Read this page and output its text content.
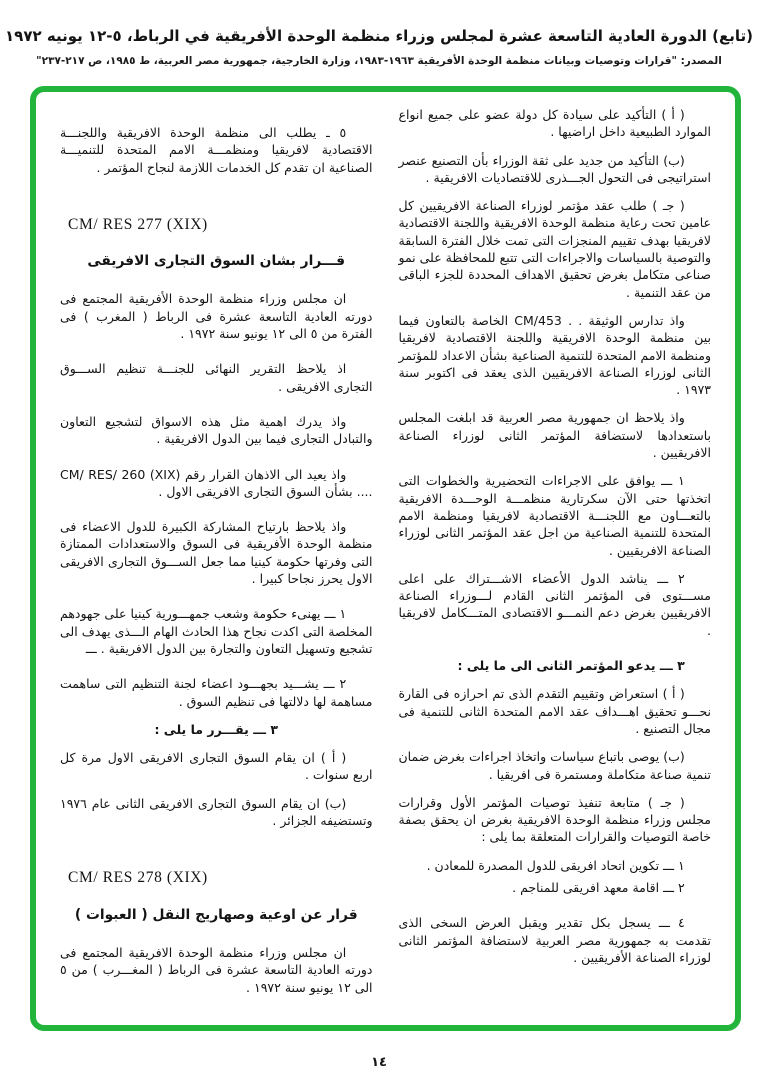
(تابع) الدورة العادية التاسعة عشرة لمجلس وزراء منظمة الوحدة الأفريقية في الرباط، ٥-١٢ يونيه ١٩٧٢
المصدر: "قرارات وتوصيات وبيانات منظمة الوحدة الأفريقية ١٩٦٣-١٩٨٣، وزارة الخارجية، جمهورية مصر العربية، ط ١٩٨٥، ص ٢١٧-٢٣٧"

( أ ) التأكيد على سيادة كل دولة عضو على جميع انواع الموارد الطبيعية داخل اراضيها .

(ب) التأكيد من جديد على ثقة الوزراء بأن التصنيع عنصر استراتيجى فى التحول الجـــذرى للاقتصاديات الافريقية .

( جـ ) طلب عقد مؤتمر لوزراء الصناعة الافريقيين كل عامين تحت رعاية منظمة الوحدة الافريقية واللجنة الاقتصادية لافريقيا بهدف تقييم المنجزات التى تمت خلال الفترة السابقة والتوصية بالسياسات والاجراءات التى تتبع للمحافظة على نمو صناعى متكامل بغرض تحقيق الاهداف المحددة للجزء الباقى من عقد التنمية .

واذ تدارس الوثيقة . . CM/453 الخاصة بالتعاون فيما بين منظمة الوحدة الافريقية واللجنة الاقتصادية لافريقيا ومنظمة الامم المتحدة للتنمية الصناعية بشأن الاعداد للمؤتمر الثانى لوزراء الصناعة الافريقيين الذى يعقد فى اكتوبر سنة ١٩٧٣ .

واذ يلاحظ ان جمهورية مصر العربية قد ابلغت المجلس باستعدادها لاستضافة المؤتمر الثانى لوزراء الصناعة الافريقيين .

١ ـــ يوافق على الاجراءات التحضيرية والخطوات التى اتخذتها حتى الآن سكرتارية منظمـــة الوحـــدة الافريقية بالتعـــاون مع اللجنـــة الاقتصادية لافريقيا ومنظمة الامم المتحدة للتنمية الصناعية من اجل عقد المؤتمر الثانى لوزراء الصناعة الافريقيين .

٢ ـــ يناشد الدول الأعضاء الاشـــتراك على اعلى مســـتوى فى المؤتمر الثانى القادم لـــوزراء الصناعة الافريقيين بغرض دعم النمـــو الاقتصادى المتـــكامل لافريقيا .

٣ ـــ يدعو المؤتمر الثانى الى ما يلى :

( أ ) استعراض وتقييم التقدم الذى تم احرازه فى القارة نحـــو تحقيق اهـــداف عقد الامم المتحدة الثانى للتنمية فى مجال التصنيع .

(ب) يوصى باتباع سياسات واتخاذ اجراءات بغرض ضمان تنمية صناعة متكاملة ومستمرة فى افريقيا .

( جـ ) متابعة تنفيذ توصيات المؤتمر الأول وقرارات مجلس وزراء منظمة الوحدة الافريقية بغرض ان يحقق بصفة خاصة التوصيات والقرارات المتعلقة بما يلى :

١ ـــ تكوين اتحاد افريقى للدول المصدرة للمعادن .

٢ ـــ اقامة معهد افريقى للمناجم .

٤ ـــ يسجل بكل تقدير ويقبل العرض السخى الذى تقدمت به جمهورية مصر العربية لاستضافة المؤتمر الثانى لوزراء الصناعة الأفريقيين .

٥ ـ يطلب الى منظمة الوحدة الافريقية واللجنـــة الاقتصادية لافريقيا ومنظمـــة الامم المتحدة للتنميـــة الصناعية ان تقدم كل الخدمات اللازمة لنجاح المؤتمر .

CM/ RES 277 (XIX)

قـــرار بشان السوق التجارى الافريقى

ان مجلس وزراء منظمة الوحدة الأفريقية المجتمع فى دورته العادية التاسعة عشرة فى الرباط ( المغرب ) فى الفترة من ٥ الى ١٢ يونيو سنة ١٩٧٢ .

اذ يلاحظ التقرير النهائى للجنـــة تنظيم الســـوق التجارى الافريقى .

واذ يدرك اهمية مثل هذه الاسواق لتشجيع التعاون والتبادل التجارى فيما بين الدول الافريقية .

واذ يعيد الى الاذهان القرار رقم CM/ RES/ 260 (XIX) .... بشأن السوق التجارى الافريقى الاول .

واذ يلاحظ بارتياح المشاركة الكبيرة للدول الاعضاء فى منظمة الوحدة الأفريقية فى السوق والاستعدادات الممتازة التى وفرتها حكومة كينيا مما جعل الســـوق التجارى الافريقى الاول يحرز نجاحا كبيرا .

١ ـــ يهنىء حكومة وشعب جمهـــورية كينيا على جهودهم المخلصة التى اكدت نجاح هذا الحادث الهام الـــذى يهدف الى تشجيع وتسهيل التعاون والتجارة بين الدول الافريقية . ـــ

٢ ـــ يشـــيد بجهـــود اعضاء لجنة التنظيم التى ساهمت مساهمة لها دلالتها فى تنظيم السوق .

٣ ـــ يقـــرر ما يلى :

( أ ) ان يقام السوق التجارى الافريقى الاول مرة كل اربع سنوات .

(ب) ان يقام السوق التجارى الافريقى الثانى عام ١٩٧٦ وتستضيفه الجزائر .

CM/ RES 278 (XIX)

قرار عن اوعية وصهاريج النقل ( العبوات )

ان مجلس وزراء منظمة الوحدة الافريقية المجتمع فى دورته العادية التاسعة عشرة فى الرباط ( المغـــرب ) من ٥ الى ١٢ يونيو سنة ١٩٧٢ .

١٤
